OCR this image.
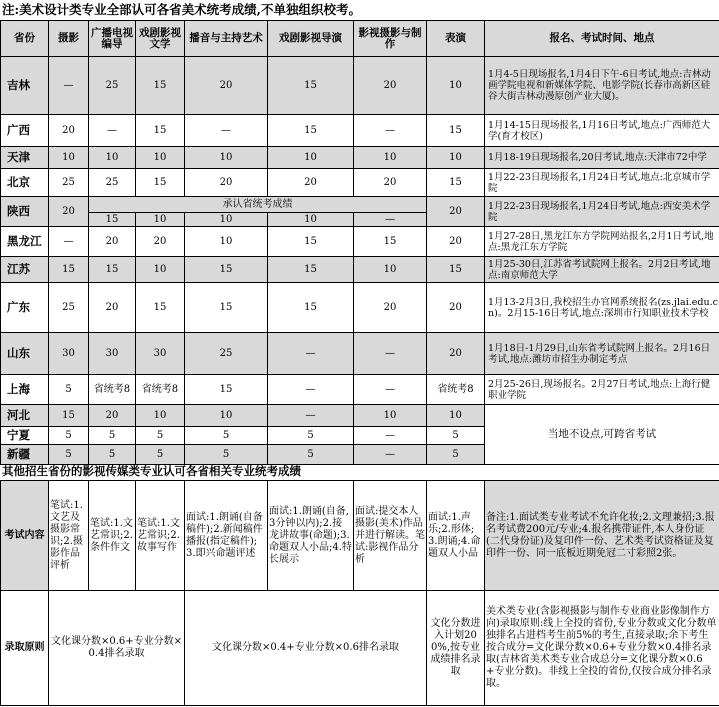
注:美术设计类专业全部认可各省美术统考成绩,不单独组织校考。
省份	摄影	广播电视编导	戏剧影视文学	播音与主持艺术	戏剧影视导演	影视摄影与制作	表演	报名、考试时间、地点
吉林	—	25	15	20	15	20	10	1月4-5日现场报名,1月4日下午-6日考试,地点:吉林动画学院电视和新媒体学院、电影学院(长春市高新区硅谷大街吉林动漫原创产业大厦)。
广西	20	—	15	—	15	—	15	1月14-15日现场报名,1月16日考试,地点:广西师范大学(育才校区)
天津	10	10	10	10	10	10	10	1月18-19日现场报名,20日考试,地点:天津市72中学
北京	25	25	15	20	20	20	15	1月22-23日现场报名,1月24日考试,地点:北京城市学院
陕西	20	承认省统考成绩					20	1月22-23日现场报名,1月24日考试,地点:西安美术学院
		15	10	10	10	—		
黑龙江	—	20	20	10	15	15	20	1月27-28日,黑龙江东方学院网站报名,2月1日考试,地点:黑龙江东方学院
江苏	15	15	10	15	15	10	15	1月25-30日,江苏省考试院网上报名。2月2日考试,地点:南京师范大学
广东	25	20	15	15	15	20	20	1月13-2月3日,我校招生办官网系统报名(zs.jlai.edu.cn)。2月15-16日考试,地点:深圳市行知职业技术学校
山东	30	30	30	25	—	—	20	1月18日-1月29日,山东省考试院网上报名。2月16日考试,地点:潍坊市招生办制定考点
上海	5	省统考8	省统考8	15	—	—	省统考8	2月25-26日,现场报名。2月27日考试,地点:上海行健职业学院
河北	15	20	10	10	—	10	10	当地不设点,可跨省考试
宁夏	5	5	5	5	5	—	5	
新疆	5	5	5	5	5	—	5	
其他招生省份的影视传媒类专业认可各省相关专业统考成绩
考试内容	笔试:1.文艺及摄影常识;2.摄影作品评析	笔试:1.文艺常识;2.条件作文	笔试:1.文艺常识;2.故事写作	面试:1.朗诵(自备稿件);2.新闻稿件播报(指定稿件);3.即兴命题评述	面试:1.朗诵(自备,3分钟以内);2.接龙讲故事(命题);3.命题双人小品;4.特长展示	面试:提交本人摄影(美术)作品并进行解读。笔试:影视作品分析	面试:1.声乐;2.形体;3.朗诵;4.命题双人小品	备注:1.面试类专业考试不允许化妆;2.文理兼招;3.报名考试费200元/专业;4.报名携带证件,本人身份证(二代身份证)及复印件一份、艺术类考试资格证及复印件一份、同一底板近期免冠二寸彩照2张。
录取原则	文化课分数×0.6+专业分数×0.4排名录取			文化课分数×0.4+专业分数×0.6排名录取			文化分数进入计划200%,按专业成绩排名录取	美术类专业(含影视摄影与制作专业商业影像制作方向)录取原则:线上全投的省份,专业分数或文化分数单独排名占进档考生前5%的考生,直接录取;余下考生按合成分=文化课分数×0.6+专业分数×0.4排名录取(吉林省美术类专业合成总分=文化课分数×0.6+专业分数)。非线上全投的省份,仅按合成分排名录取。
